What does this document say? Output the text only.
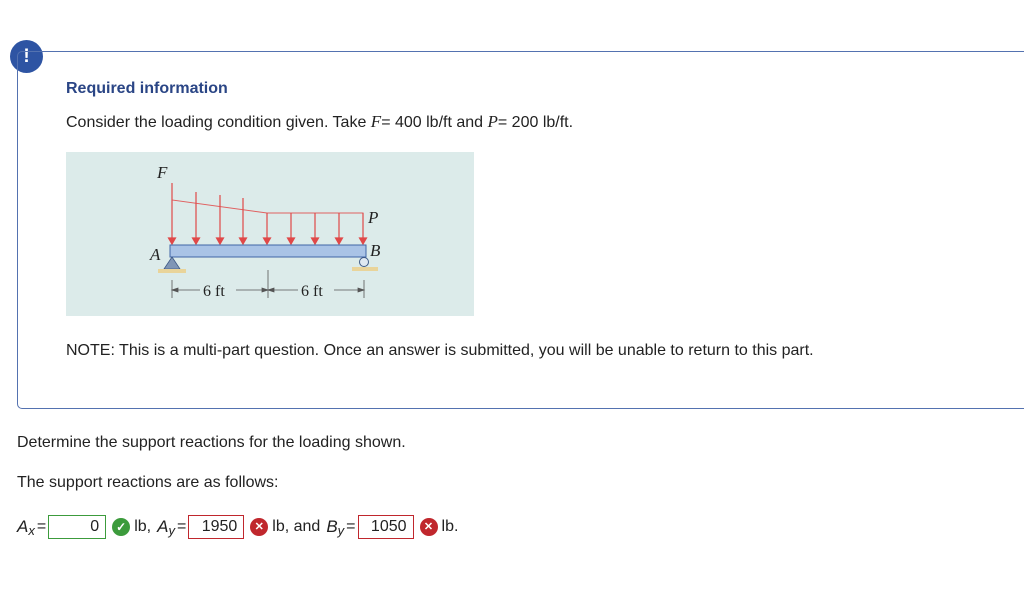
!
Required information
Consider the loading condition given. Take F= 400 lb/ft and P= 200 lb/ft.
F
P
A	B
6 ft	6 ft
NOTE: This is a multi-part question. Once an answer is submitted, you will be unable to return to this part.
Determine the support reactions for the loading shown.
The support reactions are as follows:
$A_x$ =
0	✓ lb, $A_y$ =
1950	✕ lb, and $B_y$ =
1050	✕ lb.
